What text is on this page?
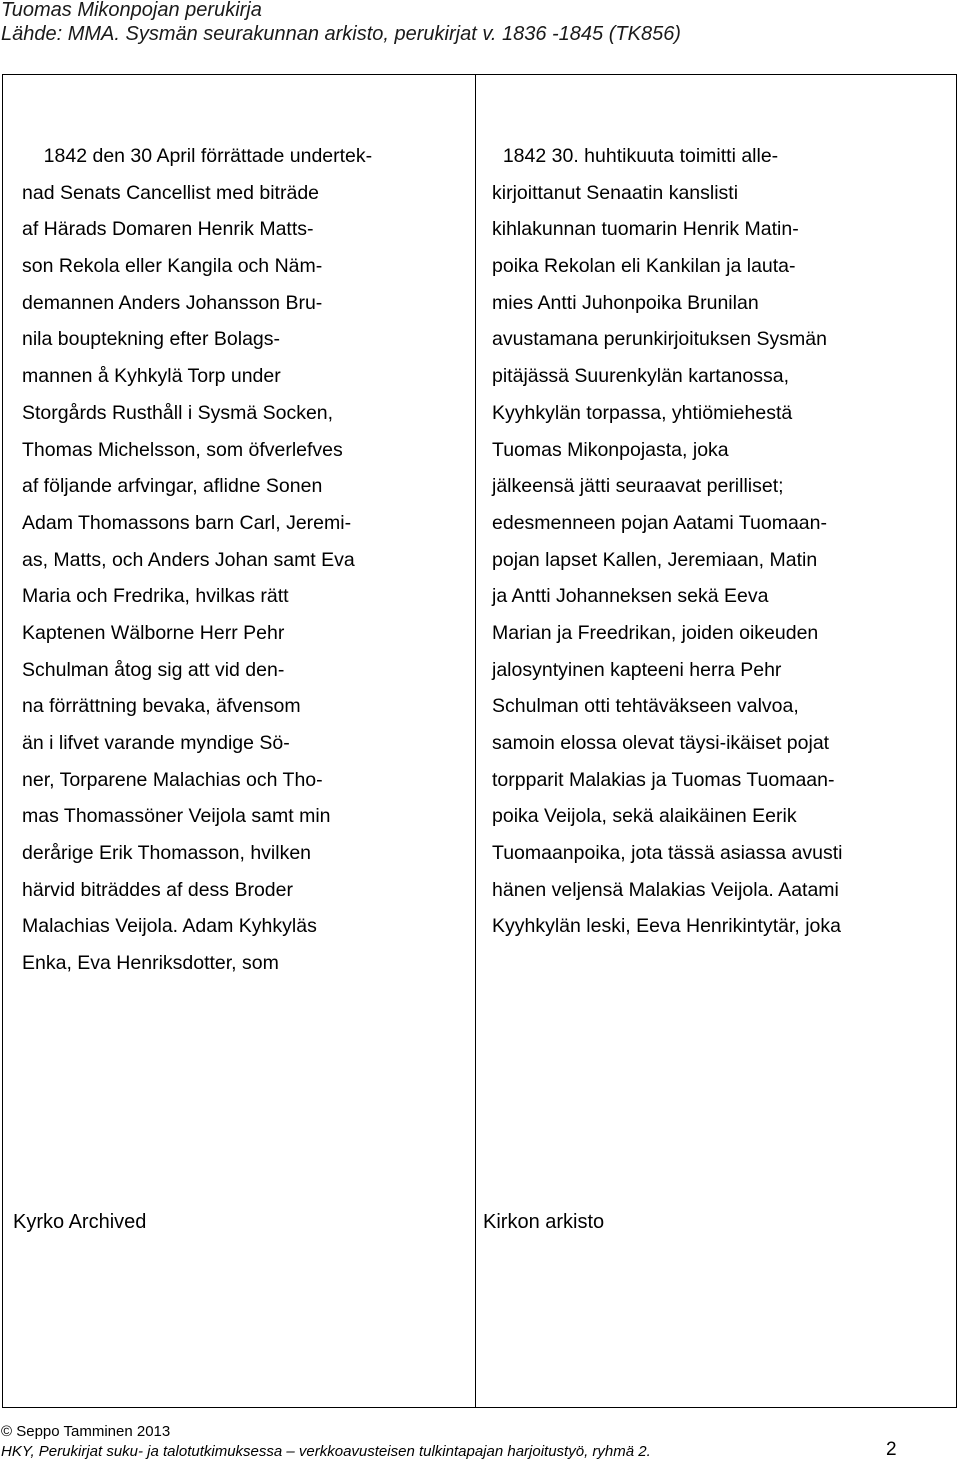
Tuomas Mikonpojan perukirja
Lähde: MMA. Sysmän seurakunnan arkisto, perukirjat v. 1836 -1845 (TK856)
1842 den 30 April förrättade undertek-
nad Senats Cancellist med biträde
af Härads Domaren Henrik Matts-
son Rekola eller Kangila och Näm-
demannen Anders Johansson Bru-
nila bouptekning efter Bolags-
mannen å Kyhkylä Torp under
Storgårds Rusthåll i Sysmä Socken,
Thomas Michelsson, som öfverlefves
af följande arfvingar, aflidne Sonen
Adam Thomassons barn Carl, Jeremi-
as, Matts, och Anders Johan samt Eva
Maria och Fredrika, hvilkas rätt
Kaptenen Wälborne Herr Pehr
Schulman åtog sig att vid den-
na förrättning bevaka, äfvensom
än i lifvet varande myndige Sö-
ner, Torparene Malachias och Tho-
mas Thomassöner Veijola samt min
derårige Erik Thomasson, hvilken
härvid biträddes af dess Broder
Malachias Veijola. Adam Kyhkyläs
Enka, Eva Henriksdotter, som
1842 30. huhtikuuta toimitti alle-
kirjoittanut Senaatin kanslisti
kihlakunnan tuomarin Henrik Matin-
poika Rekolan eli Kankilan ja lauta-
mies Antti Juhonpoika Brunilan
avustamana perunkirjoituksen Sysmän
pitäjässä Suurenkylän kartanossa,
Kyyhkylän torpassa, yhtiömiehestä
Tuomas Mikonpojasta, joka
jälkeensä jätti seuraavat perilliset;
edesmenneen pojan Aatami Tuomaan-
pojan lapset Kallen, Jeremiaan, Matin
ja Antti Johanneksen sekä Eeva
Marian ja Freedrikan, joiden oikeuden
jalosyntyinen kapteeni herra Pehr
Schulman otti tehtäväkseen valvoa,
samoin elossa olevat täysi-ikäiset pojat
torpparit Malakias ja Tuomas Tuomaan-
poika Veijola, sekä alaikäinen Eerik
Tuomaanpoika, jota tässä asiassa avusti
hänen veljensä Malakias Veijola. Aatami
Kyyhkylän leski, Eeva Henrikintytär, joka
Kyrko Archived	Kirkon arkisto
© Seppo Tamminen 2013
HKY, Perukirjat suku- ja talotutkimuksessa – verkkoavusteisen tulkintapajan harjoitustyö, ryhmä 2.	2
